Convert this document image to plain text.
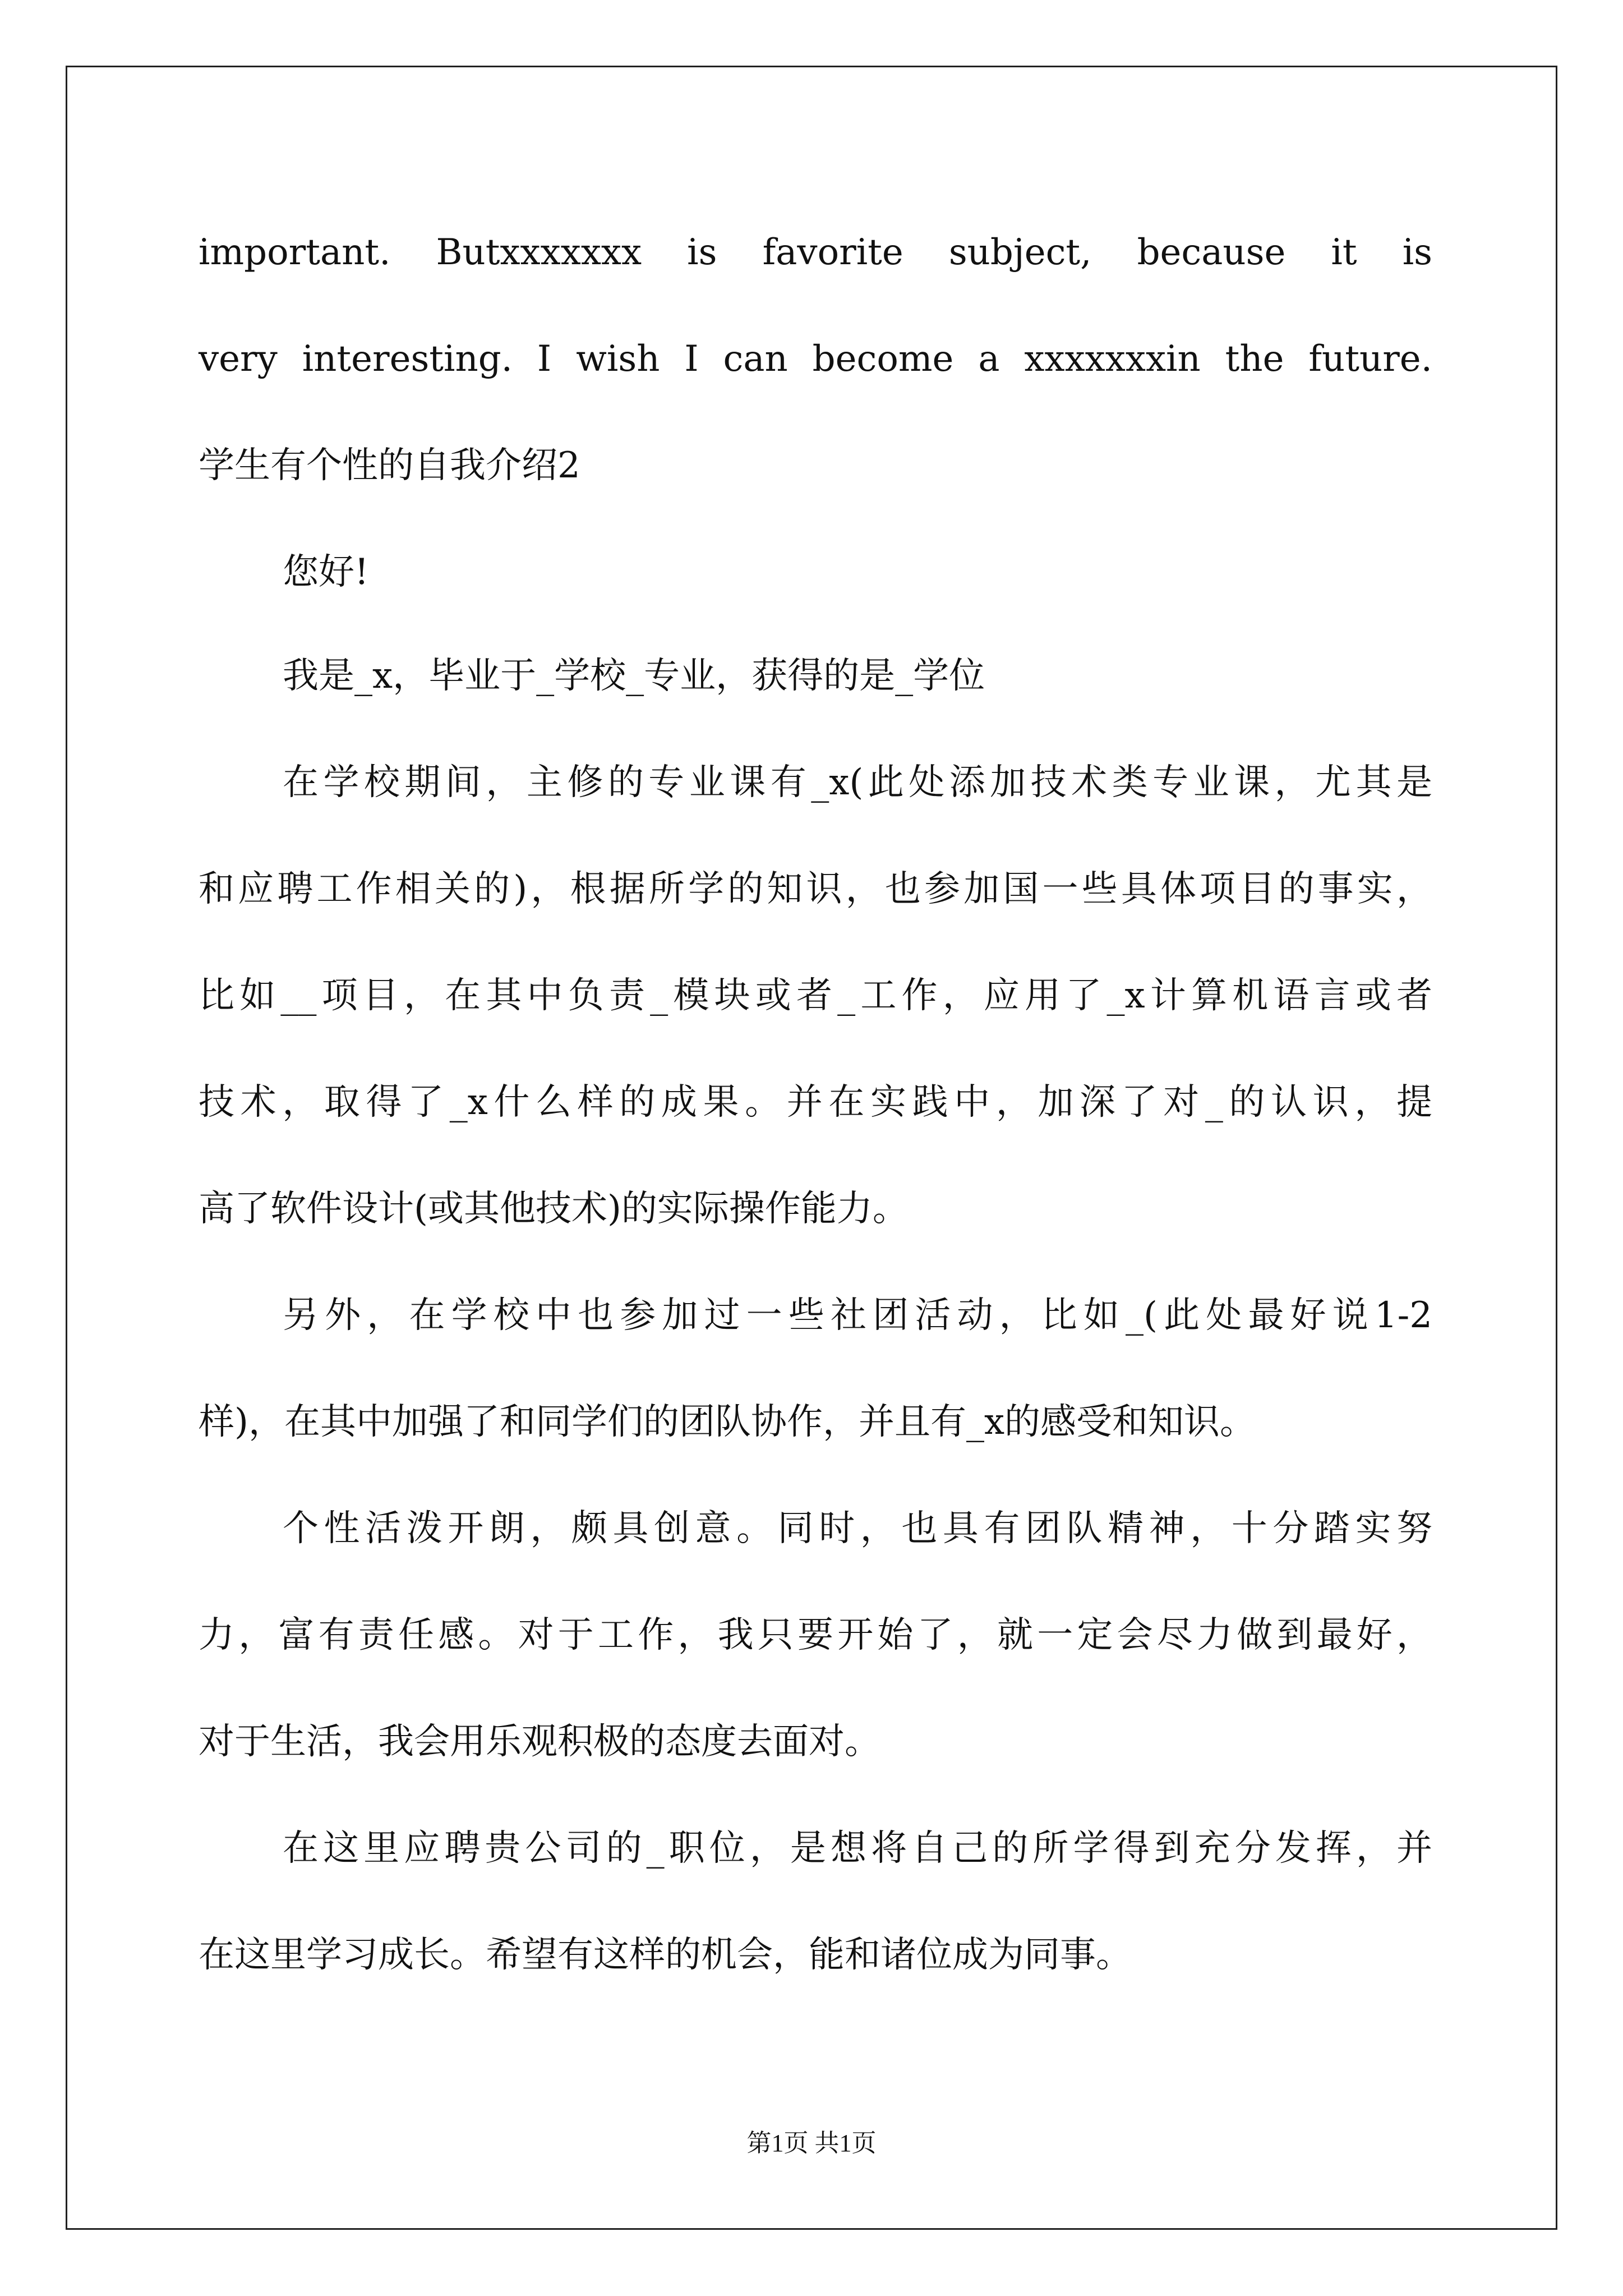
important. Butxxxxxxx is favorite subject, because it is
very interesting. I wish I can become a xxxxxxxin the future.
学生有个性的自我介绍2
您好!
我是_x，毕业于_学校_专业，获得的是_学位
在学校期间，主修的专业课有_x(此处添加技术类专业课，尤其是
和应聘工作相关的)，根据所学的知识，也参加国一些具体项目的事实，
比如__项目，在其中负责_模块或者_工作，应用了_x计算机语言或者
技术，取得了_x什么样的成果。并在实践中，加深了对_的认识，提
高了软件设计(或其他技术)的实际操作能力。
另外，在学校中也参加过一些社团活动，比如_(此处最好说1-2
样)，在其中加强了和同学们的团队协作，并且有_x的感受和知识。
个性活泼开朗，颇具创意。同时，也具有团队精神，十分踏实努
力，富有责任感。对于工作，我只要开始了，就一定会尽力做到最好，
对于生活，我会用乐观积极的态度去面对。
在这里应聘贵公司的_职位，是想将自己的所学得到充分发挥，并
在这里学习成长。希望有这样的机会，能和诸位成为同事。
第1页 共1页
